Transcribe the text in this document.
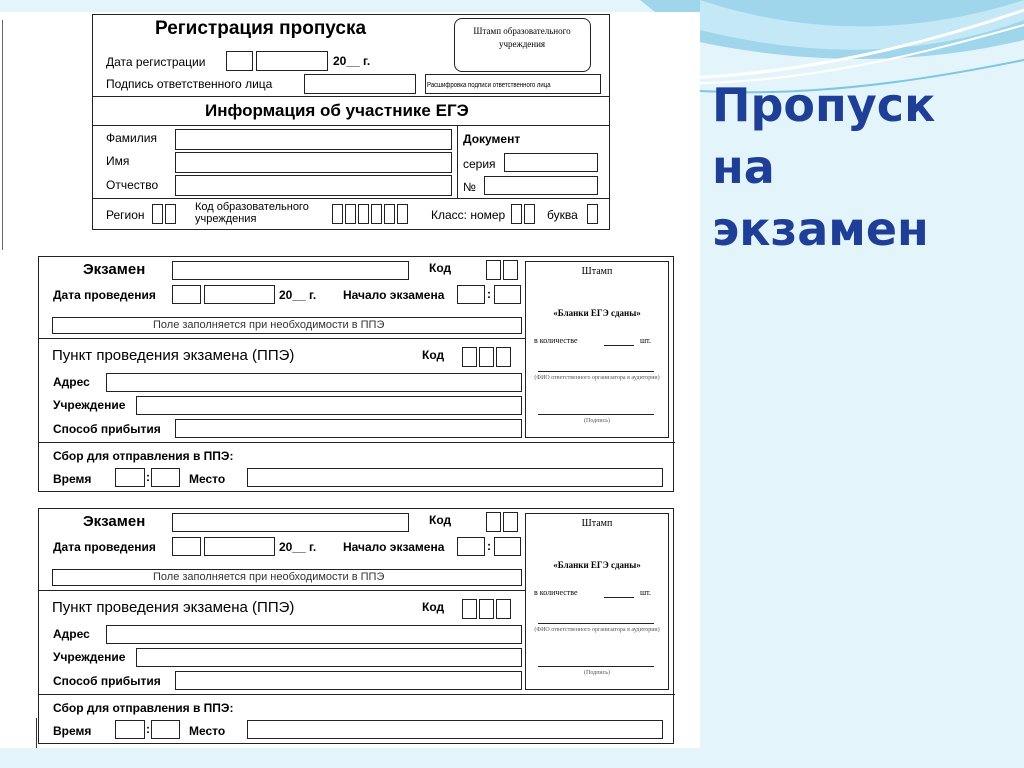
Пропуск на
экзамен
Регистрация пропуска
Дата регистрации	20__ г.
Подпись ответственного лица
Штамп образовательного учреждения
Расшифровка подписи ответственного лица
Информация об участнике ЕГЭ
Фамилия
Имя
Отчество
Документ
серия
№
Регион
Код образовательного учреждения	Класс: номер	буква
Экзамен	Код
Дата проведения	20__ г. Начало экзамена	:
Поле заполняется при необходимости в ППЭ
Пункт проведения экзамена (ППЭ)	Код
Адрес
Учреждение
Способ прибытия
Сбор для отправления в ППЭ:
Время	:	Место
Штамп
«Бланки ЕГЭ сданы»
в количестве	шт.
(ФИО ответственного организатора в аудитории)
(Подпись)
Экзамен	Код
Дата проведения	20__ г. Начало экзамена	:
Поле заполняется при необходимости в ППЭ
Пункт проведения экзамена (ППЭ)	Код
Адрес
Учреждение
Способ прибытия
Сбор для отправления в ППЭ:
Время	:	Место
Штамп
«Бланки ЕГЭ сданы»
в количестве	шт.
(ФИО ответственного организатора в аудитории)
(Подпись)
